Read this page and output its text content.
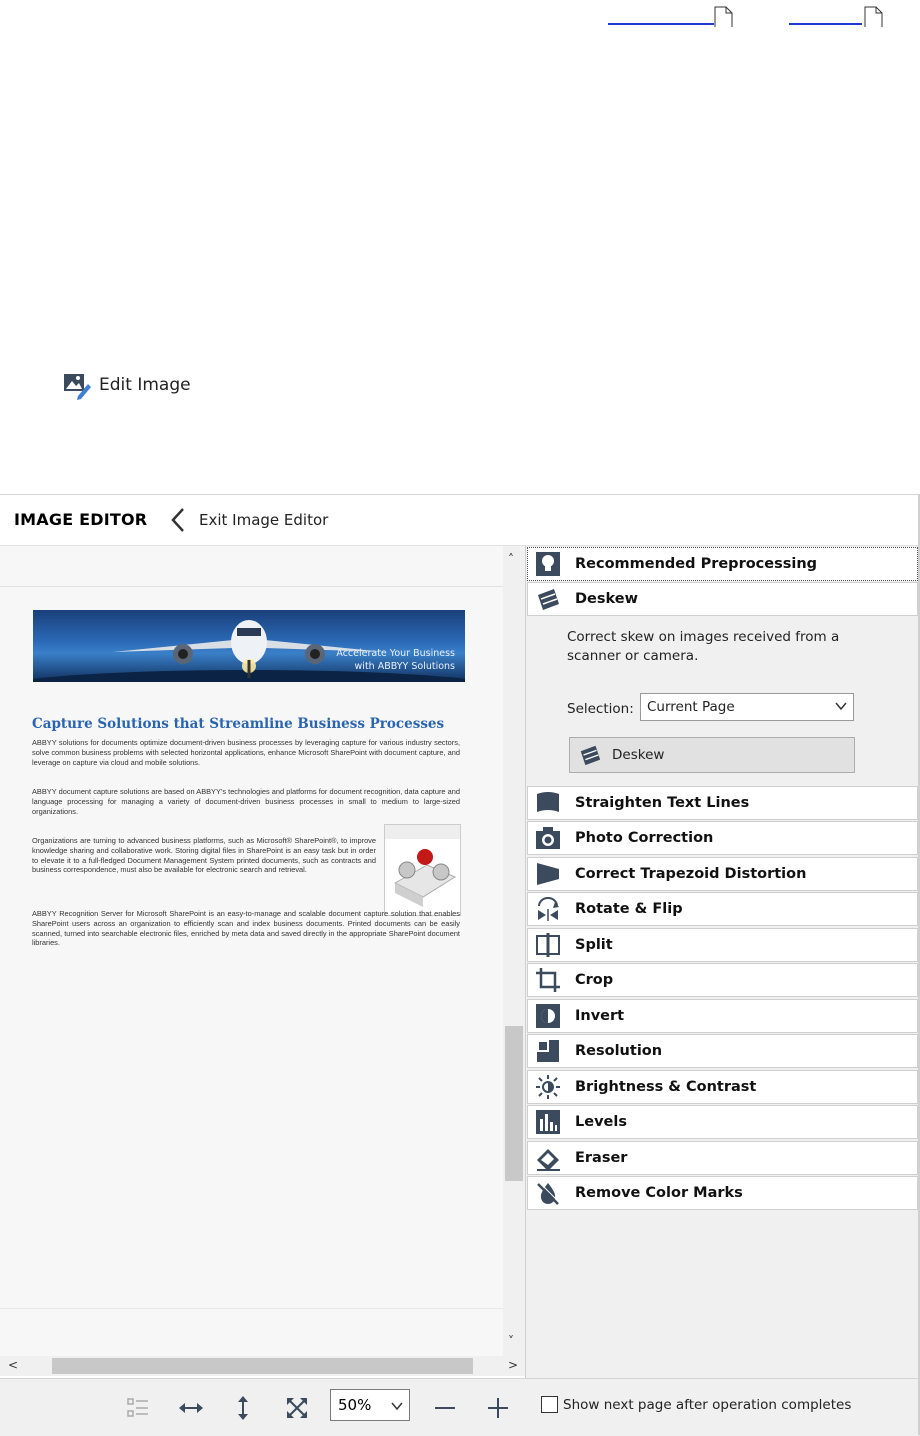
Edit Image
IMAGE EDITOR	Exit Image Editor
Accelerate Your Business
with ABBYY Solutions
Capture Solutions that Streamline Business Processes
ABBYY solutions for documents optimize document-driven business processes by leveraging capture for various industry sectors, solve common business problems with selected horizontal applications, enhance Microsoft SharePoint with document capture, and leverage on capture via cloud and mobile solutions.
ABBYY document capture solutions are based on ABBYY's technologies and platforms for document recognition, data capture and language processing for managing a variety of document-driven business processes in small to medium to large-sized organizations.
Organizations are turning to advanced business platforms, such as Microsoft® SharePoint®, to improve knowledge sharing and collaborative work. Storing digital files in SharePoint is an easy task but in order to elevate it to a full-fledged Document Management System printed documents, such as contracts and business correspondence, must also be available for electronic search and retrieval.
ABBYY Recognition Server for Microsoft SharePoint is an easy-to-manage and scalable document capture solution that enables SharePoint users across an organization to efficiently scan and index business documents. Printed documents can be easily scanned, turned into searchable electronic files, enriched by meta data and saved directly in the appropriate SharePoint document libraries.
˄
˅
<	>
Recommended Preprocessing
Deskew
Correct skew on images received from a scanner or camera.
Selection: Current Page
Deskew
Straighten Text Lines
Photo Correction
Correct Trapezoid Distortion
Rotate & Flip
Split
Crop
Invert
Resolution
Brightness & Contrast
Levels
Eraser
Remove Color Marks
50%	Show next page after operation completes
